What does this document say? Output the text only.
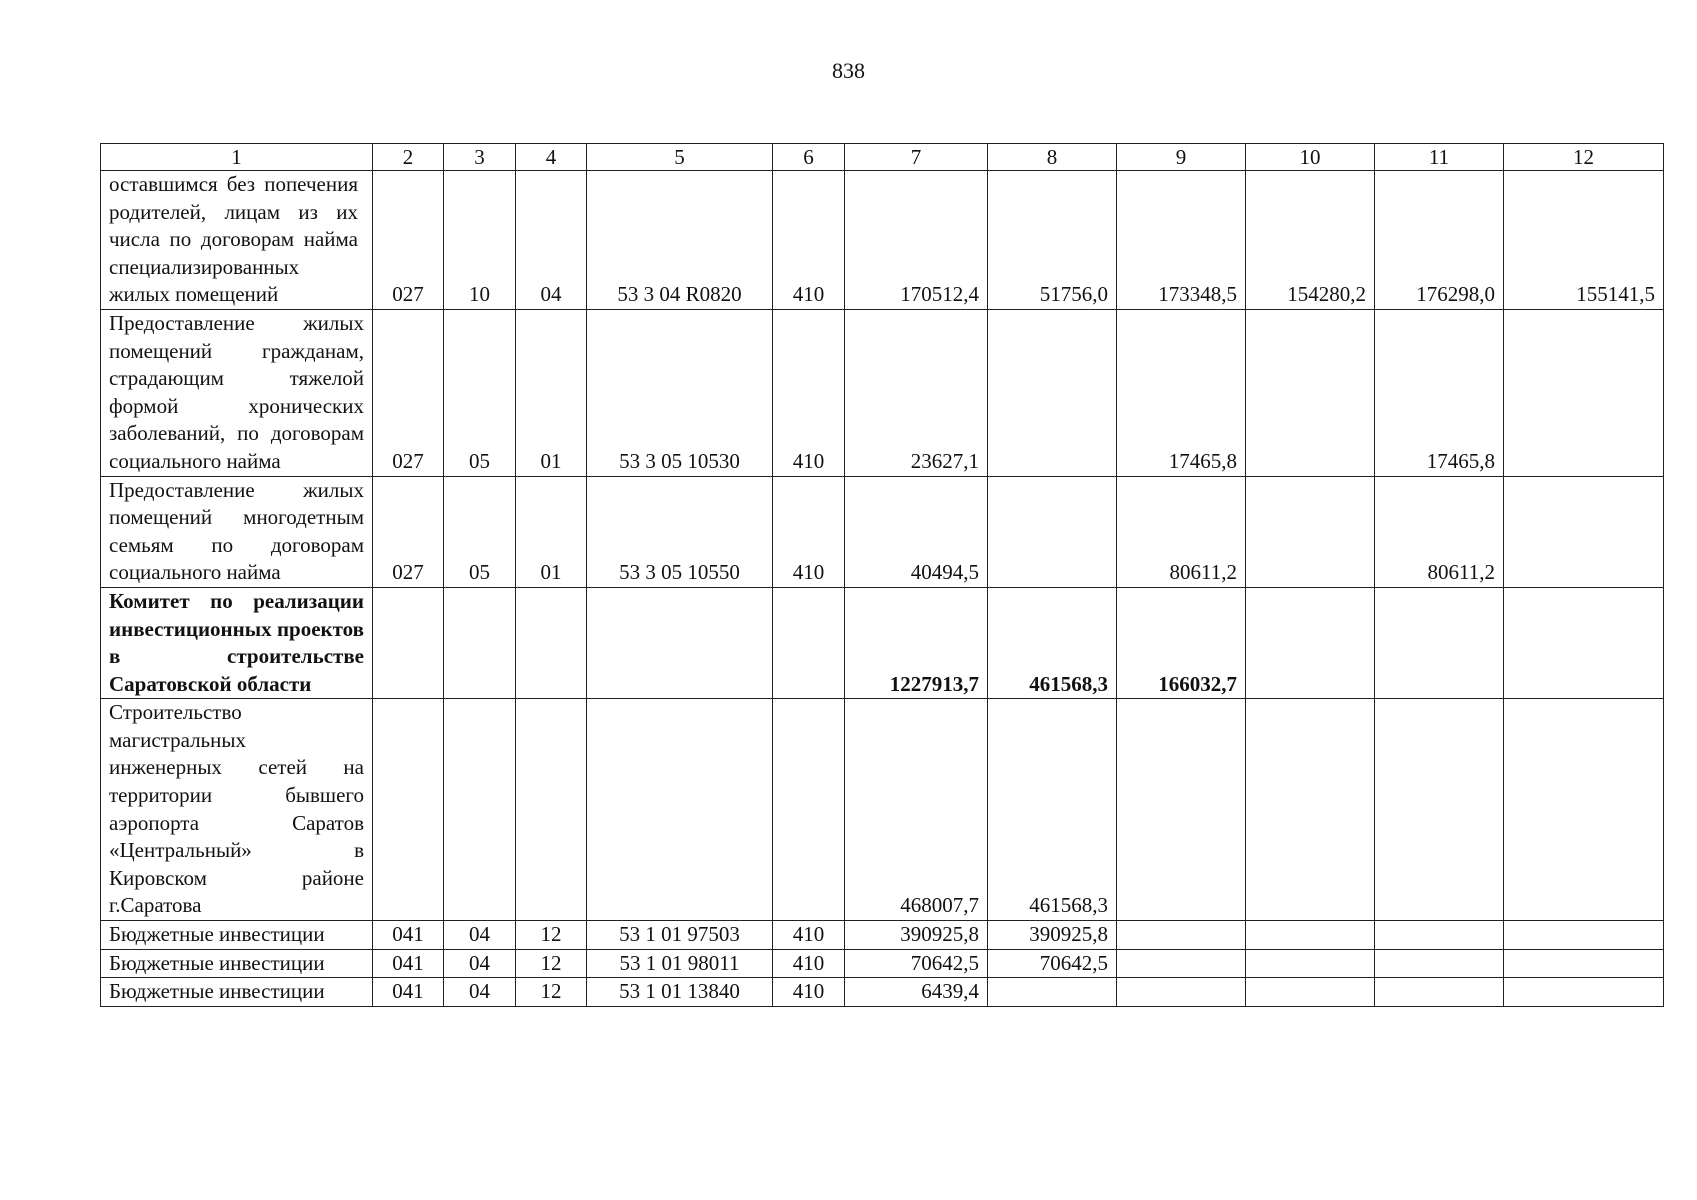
838
1	2	3	4	5	6	7	8	9	10	11	12
оставшимся без попечения родителей, лицам из их числа по договорам найма специализированных жилых помещений	027	10	04	53 3 04 R0820	410	170512,4	51756,0	173348,5	154280,2	176298,0	155141,5
Предоставление жилых помещений гражданам, страдающим тяжелой формой хронических заболеваний, по договорам социального найма	027	05	01	53 3 05 10530	410	23627,1		17465,8		17465,8	
Предоставление жилых помещений многодетным семьям по договорам социального найма	027	05	01	53 3 05 10550	410	40494,5		80611,2		80611,2	
Комитет по реализации инвестиционных проектов в строительстве Саратовской области						1227913,7	461568,3	166032,7			
Строительство магистральных инженерных сетей на территории бывшего аэропорта Саратов «Центральный» в Кировском районе г.Саратова						468007,7	461568,3				
Бюджетные инвестиции	041	04	12	53 1 01 97503	410	390925,8	390925,8				
Бюджетные инвестиции	041	04	12	53 1 01 98011	410	70642,5	70642,5				
Бюджетные инвестиции	041	04	12	53 1 01 13840	410	6439,4					
